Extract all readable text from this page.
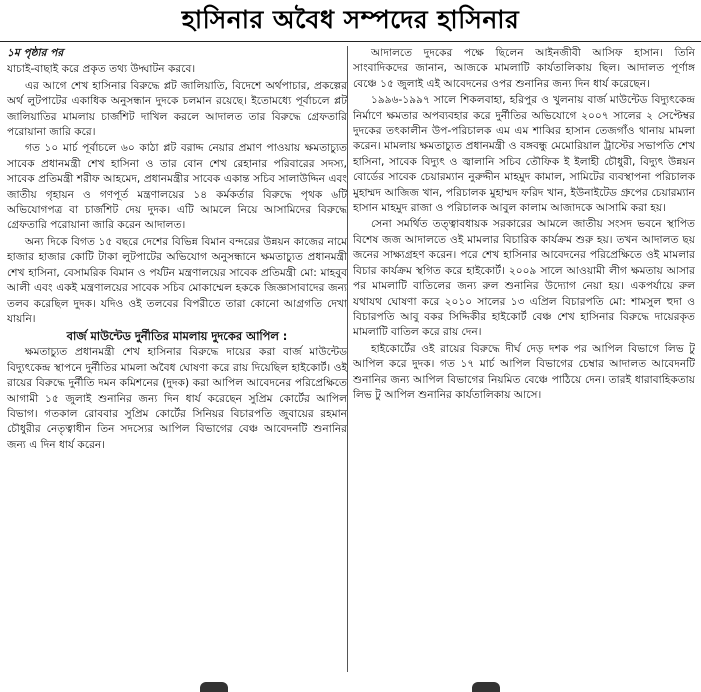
হাসিনার অবৈধ সম্পদের হাসিনার

১ম পৃষ্ঠার পর

যাচাই-বাছাই করে প্রকৃত তথ্য উদ্ঘাটন করবে।

এর আগে শেখ হাসিনার বিরুদ্ধে প্লট জালিয়াতি, বিদেশে অর্থপাচার, প্রকল্পের অর্থ লুটপাটের একাধিক অনুসন্ধান দুদকে চলমান রয়েছে। ইতোমধ্যে পূর্বাচলে প্লট জালিয়াতির মামলায় চার্জশিট দাখিল করলে আদালত তার বিরুদ্ধে গ্রেফতারি পরোয়ানা জারি করে।

গত ১০ মার্চ পূর্বাচলে ৬০ কাঠা প্লট বরাদ্দ নেয়ার প্রমাণ পাওয়ায় ক্ষমতাচ্যুত সাবেক প্রধানমন্ত্রী শেখ হাসিনা ও তার বোন শেখ রেহানার পরিবারের সদস্য, সাবেক প্রতিমন্ত্রী শরীফ আহমেদ, প্রধানমন্ত্রীর সাবেক একান্ত সচিব সালাউদ্দিন এবং জাতীয় গৃহায়ন ও গণপূর্ত মন্ত্রণালয়ের ১৪ কর্মকর্তার বিরুদ্ধে পৃথক ৬টি অভিযোগপত্র বা চার্জশিট দেয় দুদক। এটি আমলে নিয়ে আসামিদের বিরুদ্ধে গ্রেফতারি পরোয়ানা জারি করেন আদালত।

অন্য দিকে বিগত ১৫ বছরে দেশের বিভিন্ন বিমান বন্দরের উন্নয়ন কাজের নামে হাজার হাজার কোটি টাকা লুটপাটের অভিযোগ অনুসন্ধানে ক্ষমতাচ্যুত প্রধানমন্ত্রী শেখ হাসিনা, বেসামরিক বিমান ও পর্যটন মন্ত্রণালয়ের সাবেক প্রতিমন্ত্রী মো: মাহবুব আলী এবং একই মন্ত্রণালয়ের সাবেক সচিব মোকাম্মেল হককে জিজ্ঞাসাবাদের জন্য তলব করেছিল দুদক। যদিও ওই তলবের বিপরীতে তারা কোনো আগ্রগতি দেখা যায়নি।

বার্জ মাউন্টেড দুর্নীতির মামলায় দুদকের আপিল :

ক্ষমতাচ্যুত প্রধানমন্ত্রী শেখ হাসিনার বিরুদ্ধে দায়ের করা বার্জ মাউন্টেড বিদ্যুৎকেন্দ্র স্থাপনে দুর্নীতির মামলা অবৈধ ঘোষণা করে রায় দিয়েছিল হাইকোর্ট। ওই রায়ের বিরুদ্ধে দুর্নীতি দমন কমিশনের (দুদক) করা আপিল আবেদনের পরিপ্রেক্ষিতে আগামী ১৫ জুলাই শুনানির জন্য দিন ধার্য করেছেন সুপ্রিম কোর্টের আপিল বিভাগ। গতকাল রোববার সুপ্রিম কোর্টের সিনিয়র বিচারপতি জুবায়ের রহমান চৌধুরীর নেতৃত্বাধীন তিন সদস্যের আপিল বিভাগের বেঞ্চ আবেদনটি শুনানির জন্য এ দিন ধার্য করেন।

আদালতে দুদকের পক্ষে ছিলেন আইনজীবী আসিফ হাসান। তিনি সাংবাদিকদের জানান, আজকে মামলাটি কার্যতালিকায় ছিল। আদালত পূর্ণাঙ্গ বেঞ্চে ১৫ জুলাই এই আবেদনের ওপর শুনানির জন্য দিন ধার্য করেছেন।

১৯৯৬-১৯৯৭ সালে শিকলবাহা, হরিপুর ও খুলনায় বার্জ মাউন্টেড বিদ্যুৎকেন্দ্র নির্মাণে ক্ষমতার অপব্যবহার করে দুর্নীতির অভিযোগে ২০০৭ সালের ২ সেপ্টেম্বর দুদকের তৎকালীন উপ-পরিচালক এম এম শাব্বির হাসান তেজগাঁও থানায় মামলা করেন। মামলায় ক্ষমতাচ্যুত প্রধানমন্ত্রী ও বঙ্গবন্ধু মেমোরিয়াল ট্রাস্টের সভাপতি শেখ হাসিনা, সাবেক বিদ্যুৎ ও জ্বালানি সচিব তৌফিক ই ইলাহী চৌধুরী, বিদ্যুৎ উন্নয়ন বোর্ডের সাবেক চেয়ারম্যান নুরুদ্দীন মাহমুদ কামাল, সামিটের ব্যবস্থাপনা পরিচালক মুহাম্মদ আজিজ খান, পরিচালক মুহাম্মদ ফরিদ খান, ইউনাইটেড গ্রুপের চেয়ারম্যান হাসান মাহমুদ রাজা ও পরিচালক আবুল কালাম আজাদকে আসামি করা হয়।

সেনা সমর্থিত তত্ত্বাবধায়ক সরকারের আমলে জাতীয় সংসদ ভবনে স্থাপিত বিশেষ জজ আদালতে ওই মামলার বিচারিক কার্যক্রম শুরু হয়। তখন আদালত ছয় জনের সাক্ষ্যগ্রহণ করেন। পরে শেখ হাসিনার আবেদনের পরিপ্রেক্ষিতে ওই মামলার বিচার কার্যক্রম স্থগিত করে হাইকোর্ট। ২০০৯ সালে আওয়ামী লীগ ক্ষমতায় আসার পর মামলাটি বাতিলের জন্য রুল শুনানির উদ্যোগ নেয়া হয়। একপর্যায়ে রুল যথাযথ ঘোষণা করে ২০১০ সালের ১৩ এপ্রিল বিচারপতি মো: শামসুল হুদা ও বিচারপতি আবু বকর সিদ্দিকীর হাইকোর্ট বেঞ্চ শেখ হাসিনার বিরুদ্ধে দায়েরকৃত মামলাটি বাতিল করে রায় দেন।

হাইকোর্টের ওই রায়ের বিরুদ্ধে দীর্ঘ দেড় দশক পর আপিল বিভাগে লিভ টু আপিল করে দুদক। গত ১৭ মার্চ আপিল বিভাগের চেম্বার আদালত আবেদনটি শুনানির জন্য আপিল বিভাগের নিয়মিত বেঞ্চে পাঠিয়ে দেন। তারই ধারাবাহিকতায় লিভ টু আপিল শুনানির কার্যতালিকায় আসে।
